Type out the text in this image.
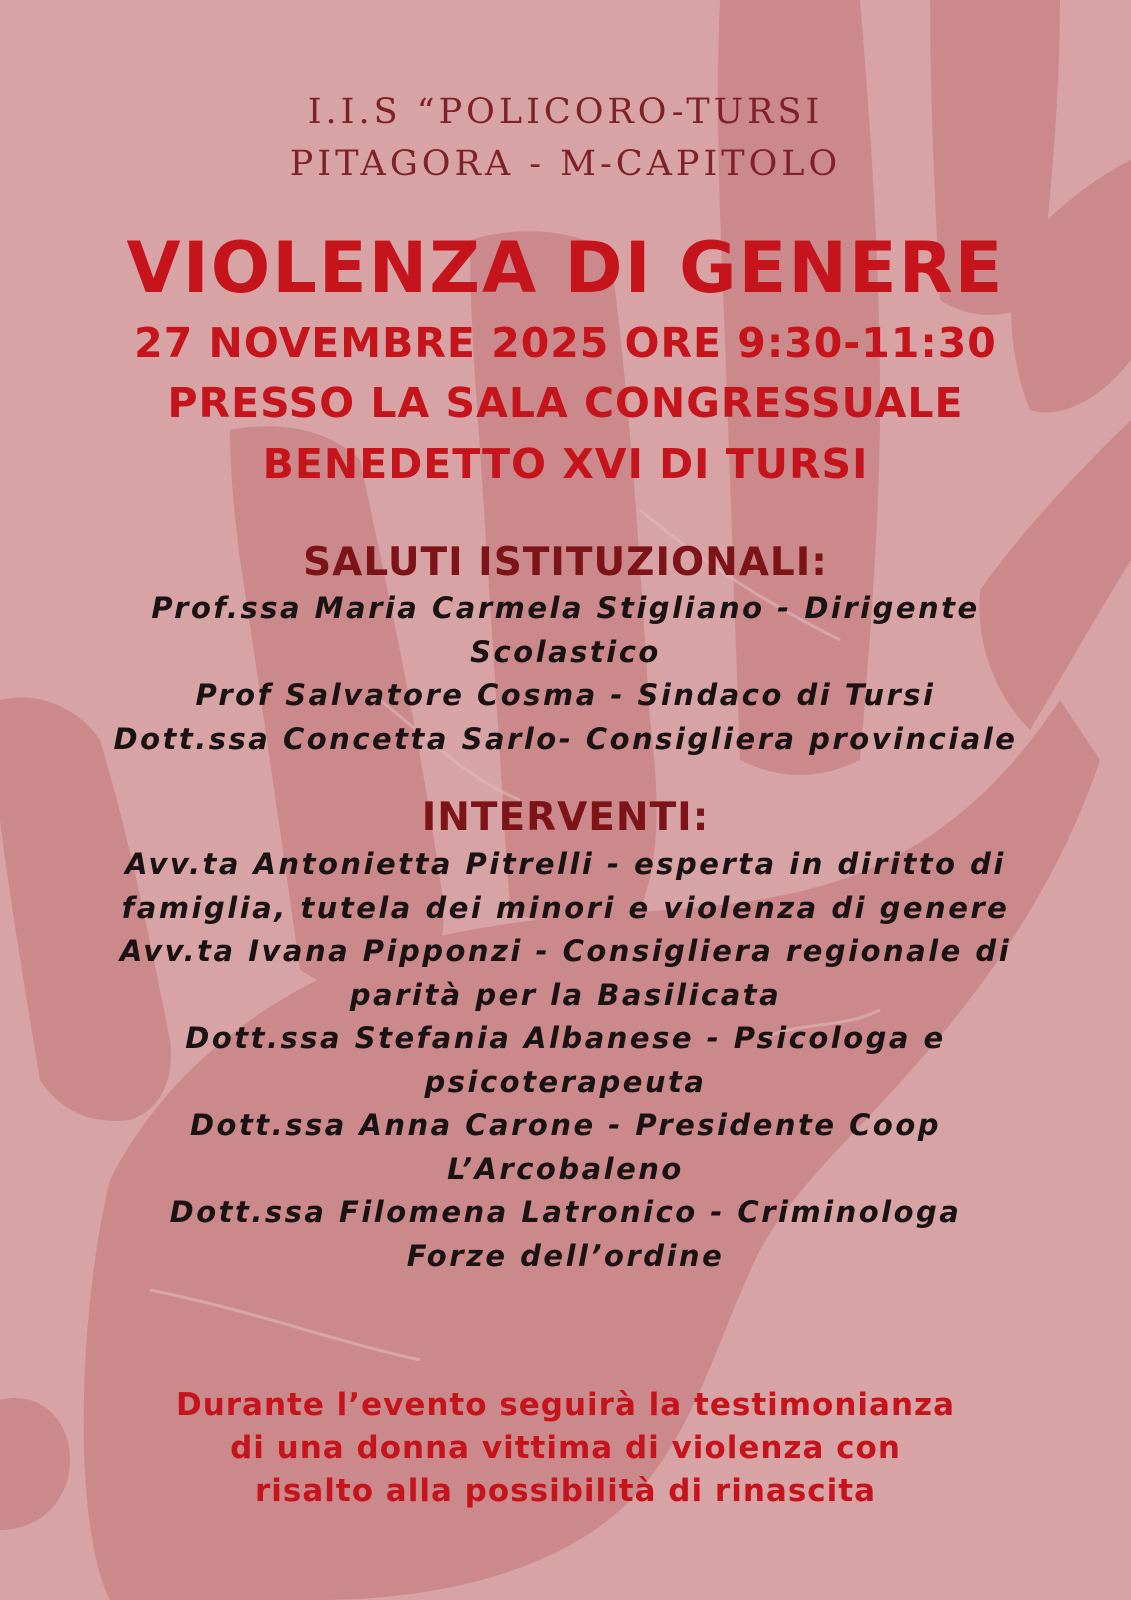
I.I.S “POLICORO-TURSI
PITAGORA - M-CAPITOLO
VIOLENZA DI GENERE
27 NOVEMBRE 2025 ORE 9:30-11:30
PRESSO LA SALA CONGRESSUALE
BENEDETTO XVI DI TURSI
SALUTI ISTITUZIONALI:
Prof.ssa Maria Carmela Stigliano - Dirigente
Scolastico
Prof Salvatore Cosma - Sindaco di Tursi
Dott.ssa Concetta Sarlo- Consigliera provinciale
INTERVENTI:
Avv.ta Antonietta Pitrelli - esperta in diritto di
famiglia, tutela dei minori e violenza di genere
Avv.ta Ivana Pipponzi - Consigliera regionale di
parità per la Basilicata
Dott.ssa Stefania Albanese - Psicologa e
psicoterapeuta
Dott.ssa Anna Carone - Presidente Coop
L’Arcobaleno
Dott.ssa Filomena Latronico - Criminologa
Forze dell’ordine
Durante l’evento seguirà la testimonianza
di una donna vittima di violenza con
risalto alla possibilità di rinascita
